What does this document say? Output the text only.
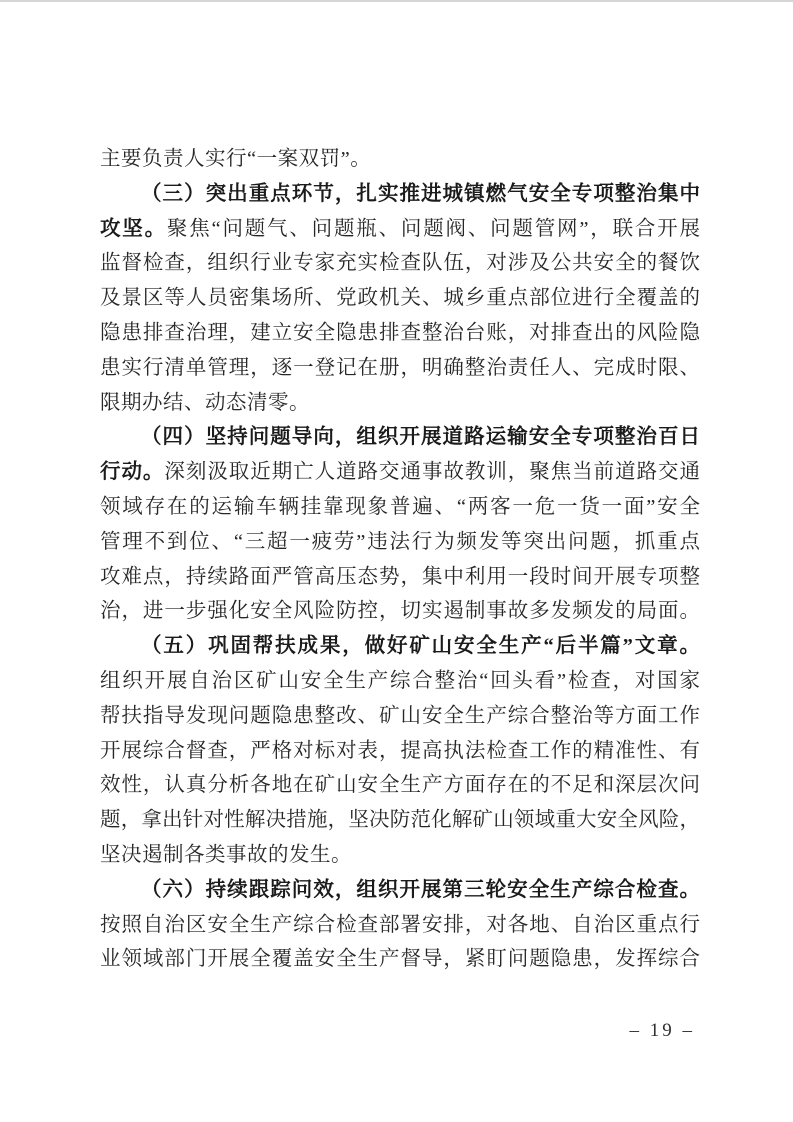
主要负责人实行“一案双罚”。
（三）突出重点环节，扎实推进城镇燃气安全专项整治集中
攻坚。聚焦“问题气、问题瓶、问题阀、问题管网”，联合开展
监督检查，组织行业专家充实检查队伍，对涉及公共安全的餐饮
及景区等人员密集场所、党政机关、城乡重点部位进行全覆盖的
隐患排查治理，建立安全隐患排查整治台账，对排查出的风险隐
患实行清单管理，逐一登记在册，明确整治责任人、完成时限、
限期办结、动态清零。
（四）坚持问题导向，组织开展道路运输安全专项整治百日
行动。深刻汲取近期亡人道路交通事故教训，聚焦当前道路交通
领域存在的运输车辆挂靠现象普遍、“两客一危一货一面”安全
管理不到位、“三超一疲劳”违法行为频发等突出问题，抓重点
攻难点，持续路面严管高压态势，集中利用一段时间开展专项整
治，进一步强化安全风险防控，切实遏制事故多发频发的局面。
（五）巩固帮扶成果，做好矿山安全生产“后半篇”文章。
组织开展自治区矿山安全生产综合整治“回头看”检查，对国家
帮扶指导发现问题隐患整改、矿山安全生产综合整治等方面工作
开展综合督查，严格对标对表，提高执法检查工作的精准性、有
效性，认真分析各地在矿山安全生产方面存在的不足和深层次问
题，拿出针对性解决措施，坚决防范化解矿山领域重大安全风险，
坚决遏制各类事故的发生。
（六）持续跟踪问效，组织开展第三轮安全生产综合检查。
按照自治区安全生产综合检查部署安排，对各地、自治区重点行
业领域部门开展全覆盖安全生产督导，紧盯问题隐患，发挥综合
– 19 –
